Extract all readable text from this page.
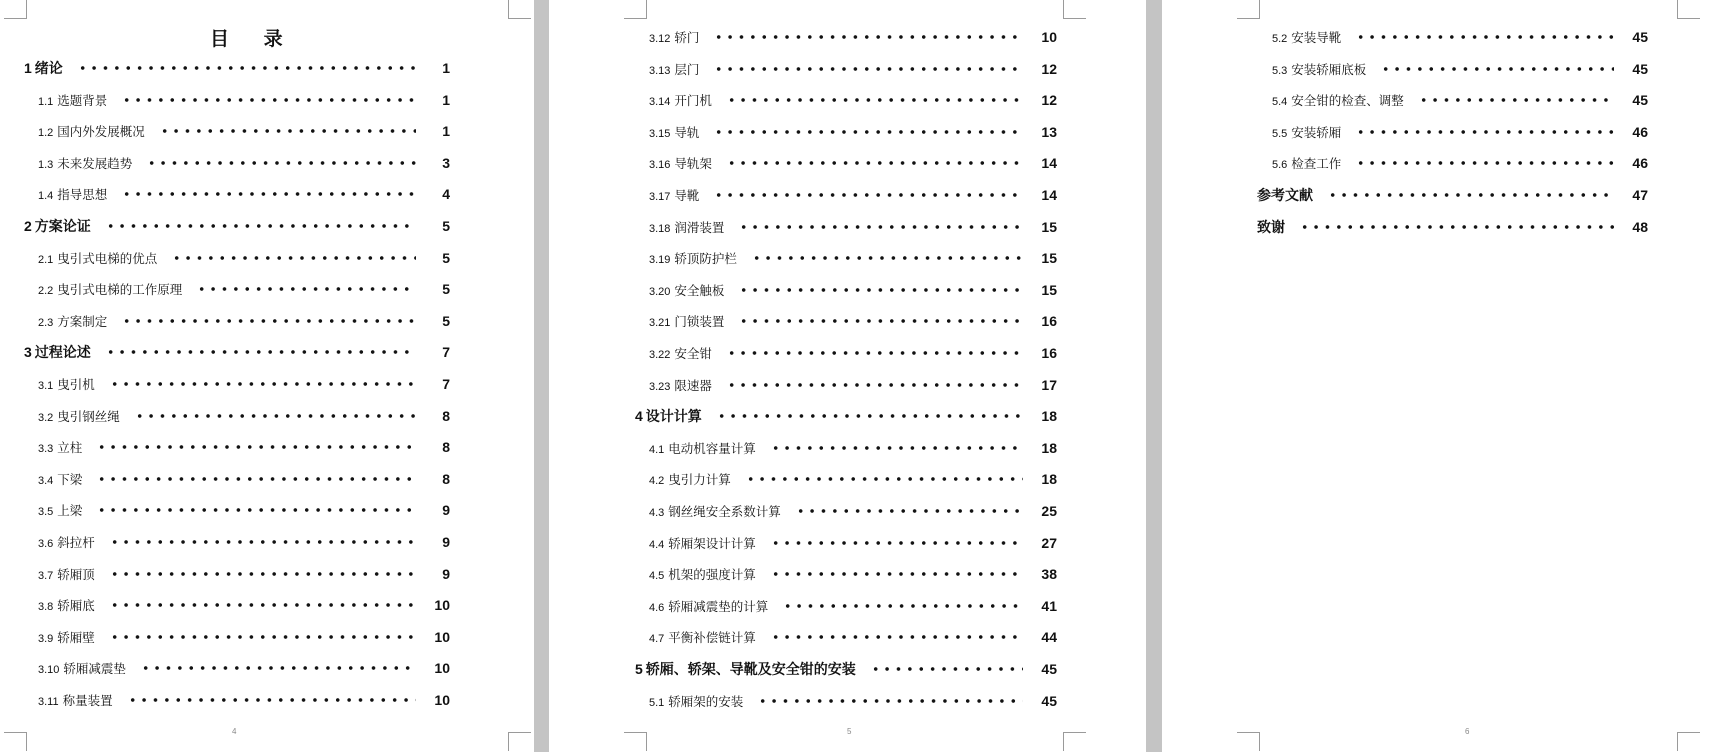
目 录
1 绪论	1
1.1 选题背景	1
1.2 国内外发展概况	1
1.3 未来发展趋势	3
1.4 指导思想	4
2 方案论证	5
2.1 曳引式电梯的优点	5
2.2 曳引式电梯的工作原理	5
2.3 方案制定	5
3 过程论述	7
3.1 曳引机	7
3.2 曳引钢丝绳	8
3.3 立柱	8
3.4 下梁	8
3.5 上梁	9
3.6 斜拉杆	9
3.7 轿厢顶	9
3.8 轿厢底	10
3.9 轿厢壁	10
3.10 轿厢减震垫	10
3.11 称量装置	10
4
3.12 轿门	10
3.13 层门	12
3.14 开门机	12
3.15 导轨	13
3.16 导轨架	14
3.17 导靴	14
3.18 润滑装置	15
3.19 轿顶防护栏	15
3.20 安全触板	15
3.21 门锁装置	16
3.22 安全钳	16
3.23 限速器	17
4 设计计算	18
4.1 电动机容量计算	18
4.2 曳引力计算	18
4.3 钢丝绳安全系数计算	25
4.4 轿厢架设计计算	27
4.5 机架的强度计算	38
4.6 轿厢减震垫的计算	41
4.7 平衡补偿链计算	44
5 轿厢、轿架、导靴及安全钳的安装	45
5.1 轿厢架的安装	45
5
5.2 安装导靴	45
5.3 安装轿厢底板	45
5.4 安全钳的检查、调整	45
5.5 安装轿厢	46
5.6 检查工作	46
参考文献	47
致谢	48
6
